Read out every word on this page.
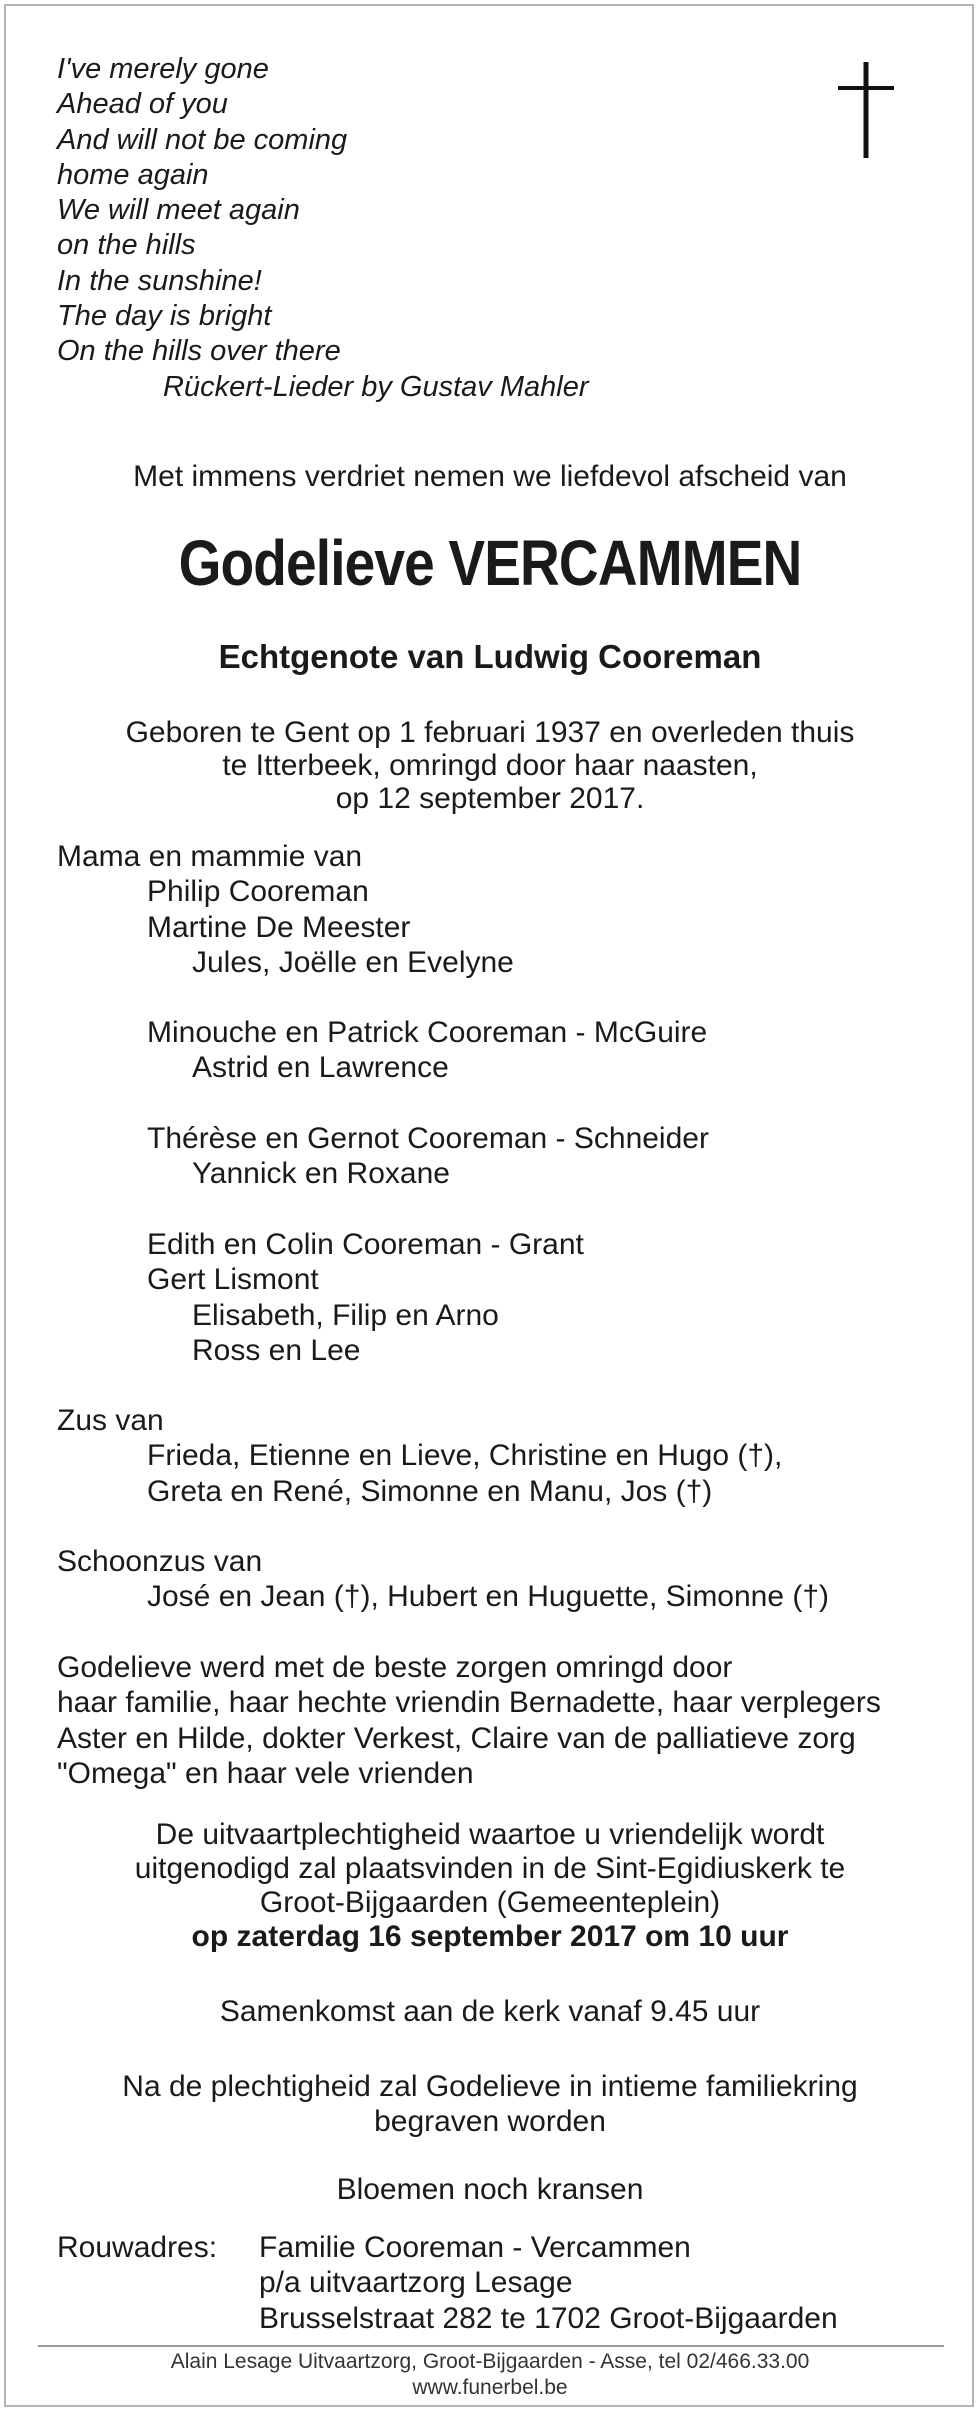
I've merely gone
Ahead of you
And will not be coming
home again
We will meet again
on the hills
In the sunshine!
The day is bright
On the hills over there
Rückert-Lieder by Gustav Mahler
Met immens verdriet nemen we liefdevol afscheid van
Godelieve VERCAMMEN
Echtgenote van Ludwig Cooreman
Geboren te Gent op 1 februari 1937 en overleden thuis
te Itterbeek, omringd door haar naasten,
op 12 september 2017.
Mama en mammie van
Philip Cooreman
Martine De Meester
Jules, Joëlle en Evelyne
Minouche en Patrick Cooreman - McGuire
Astrid en Lawrence
Thérèse en Gernot Cooreman - Schneider
Yannick en Roxane
Edith en Colin Cooreman - Grant
Gert Lismont
Elisabeth, Filip en Arno
Ross en Lee
Zus van
Frieda, Etienne en Lieve, Christine en Hugo (†),
Greta en René, Simonne en Manu, Jos (†)
Schoonzus van
José en Jean (†), Hubert en Huguette, Simonne (†)
Godelieve werd met de beste zorgen omringd door
haar familie, haar hechte vriendin Bernadette, haar verplegers
Aster en Hilde, dokter Verkest, Claire van de palliatieve zorg
"Omega" en haar vele vrienden
De uitvaartplechtigheid waartoe u vriendelijk wordt
uitgenodigd zal plaatsvinden in de Sint-Egidiuskerk te
Groot-Bijgaarden (Gemeenteplein)
op zaterdag 16 september 2017 om 10 uur
Samenkomst aan de kerk vanaf 9.45 uur
Na de plechtigheid zal Godelieve in intieme familiekring
begraven worden
Bloemen noch kransen
Rouwadres: Familie Cooreman - Vercammen
p/a uitvaartzorg Lesage
Brusselstraat 282 te 1702 Groot-Bijgaarden
Alain Lesage Uitvaartzorg, Groot-Bijgaarden - Asse, tel 02/466.33.00
www.funerbel.be
